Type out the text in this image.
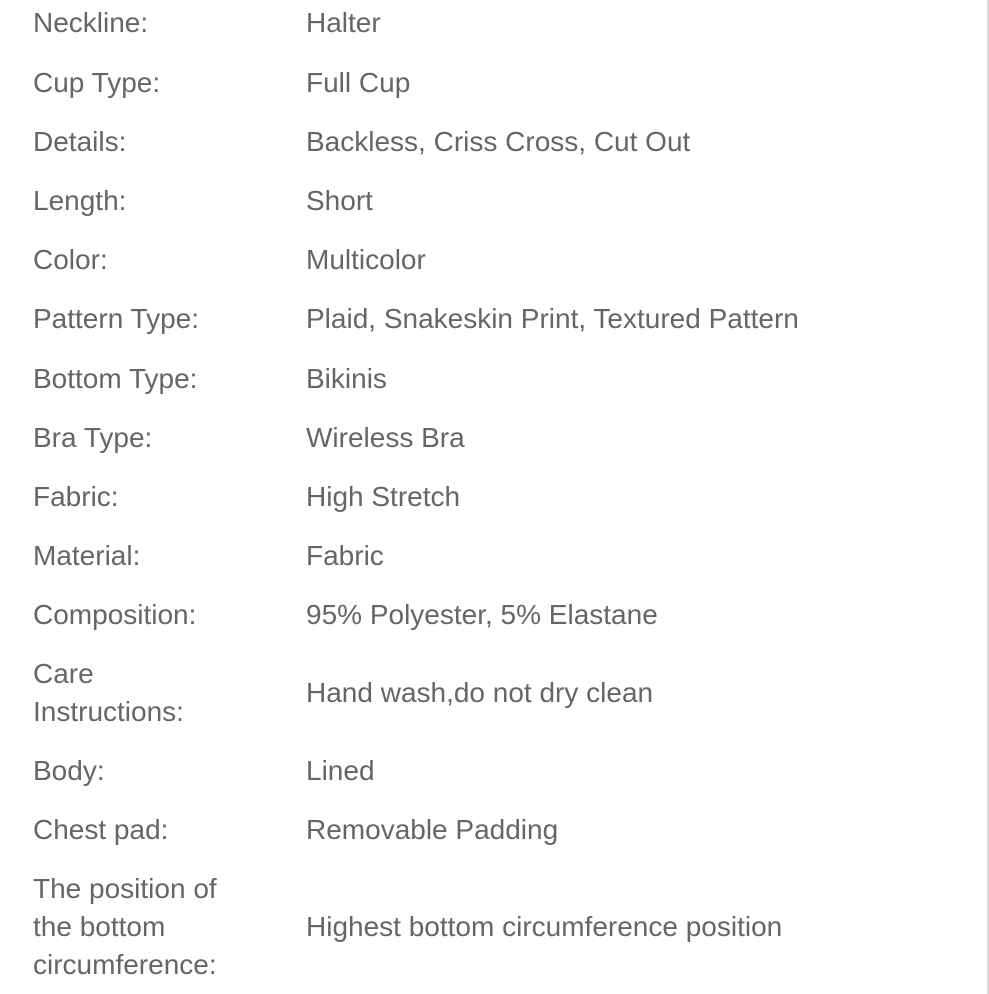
Neckline:	Halter
Cup Type:	Full Cup
Details:	Backless, Criss Cross, Cut Out
Length:	Short
Color:	Multicolor
Pattern Type:	Plaid, Snakeskin Print, Textured Pattern
Bottom Type:	Bikinis
Bra Type:	Wireless Bra
Fabric:	High Stretch
Material:	Fabric
Composition:	95% Polyester, 5% Elastane
Care Instructions:
Hand wash,do not dry clean
Body:	Lined
Chest pad:	Removable Padding
The position of the bottom circumference:
Highest bottom circumference position
